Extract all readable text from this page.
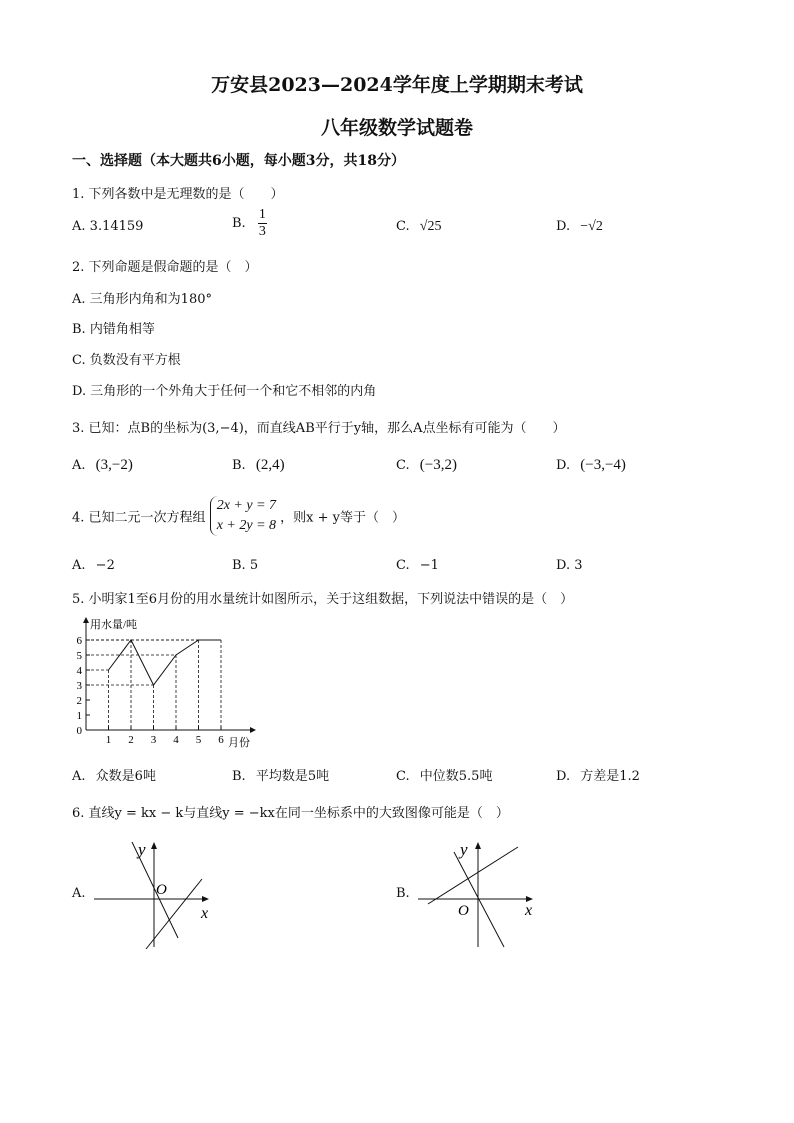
万安县2023—2024学年度上学期期末考试
八年级数学试题卷
一、选择题（本大题共6小题，每小题3分，共18分）
1. 下列各数中是无理数的是（　　）
A. 3.14159	B. $\frac{1}{3}$	C. √25	D. −√2
2. 下列命题是假命题的是（　）
A. 三角形内角和为180°
B. 内错角相等
C. 负数没有平方根
D. 三角形的一个外角大于任何一个和它不相邻的内角
3. 已知：点B的坐标为(3,−4)，而直线AB平行于y轴，那么A点坐标有可能为（　　）
A. (3,−2)	B. (2,4)	C. (−3,2)	D. (−3,−4)
4. 已知二元一次方程组
2x + y = 7
x + 2y = 8 ，则x + y等于（　）
A. −2	B. 5	C. −1	D. 3
5. 小明家1至6月份的用水量统计如图所示，关于这组数据，下列说法中错误的是（　）
用水量/吨
月份
0
1
2
3
4
5
6
1 2 3 4 5 6
A. 众数是6吨	B. 平均数是5吨	C. 中位数5.5吨	D. 方差是1.2
6. 直线y = kx − k与直线y = −kx在同一坐标系中的大致图像可能是（　）
A.
y
O
x
B.
y
O	x
